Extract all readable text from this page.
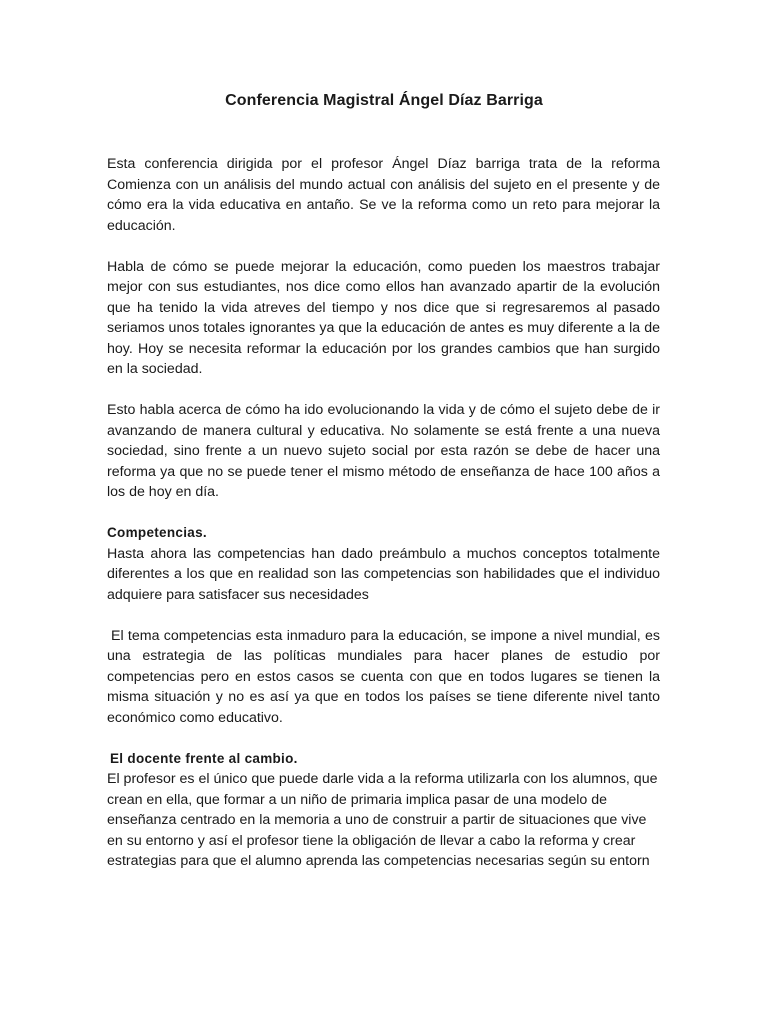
Conferencia Magistral Ángel Díaz Barriga

Esta conferencia dirigida por el profesor Ángel Díaz barriga trata de la reforma Comienza con un análisis del mundo actual con análisis del sujeto en el presente y de cómo era la vida educativa en antaño. Se ve la reforma como un reto para mejorar la educación.

Habla de cómo se puede mejorar la educación, como pueden los maestros trabajar mejor con sus estudiantes, nos dice como ellos han avanzado apartir de la evolución que ha tenido la vida atreves del tiempo y nos dice que si regresaremos al pasado seriamos unos totales ignorantes ya que la educación de antes es muy diferente a la de hoy. Hoy se necesita reformar la educación por los grandes cambios que han surgido en la sociedad.

Esto habla acerca de cómo ha ido evolucionando la vida y de cómo el sujeto debe de ir avanzando de manera cultural y educativa. No solamente se está frente a una nueva sociedad, sino frente a un nuevo sujeto social por esta razón se debe de hacer una reforma ya que no se puede tener el mismo método de enseñanza de hace 100 años a los de hoy en día.

Competencias.

Hasta ahora las competencias han dado preámbulo a muchos conceptos totalmente diferentes a los que en realidad son las competencias son habilidades que el individuo adquiere para satisfacer sus necesidades

El tema competencias esta inmaduro para la educación, se impone a nivel mundial, es una estrategia de las políticas mundiales para hacer planes de estudio por competencias pero en estos casos se cuenta con que en todos lugares se tienen la misma situación y no es así ya que en todos los países se tiene diferente nivel tanto económico como educativo.

El docente frente al cambio.

El profesor es el único que puede darle vida a la reforma utilizarla con los alumnos, que crean en ella, que formar a un niño de primaria implica pasar de una modelo de enseñanza centrado en la memoria a uno de construir a partir de situaciones que vive en su entorno y así el profesor tiene la obligación de llevar a cabo la reforma y crear estrategias para que el alumno aprenda las competencias necesarias según su entorn
